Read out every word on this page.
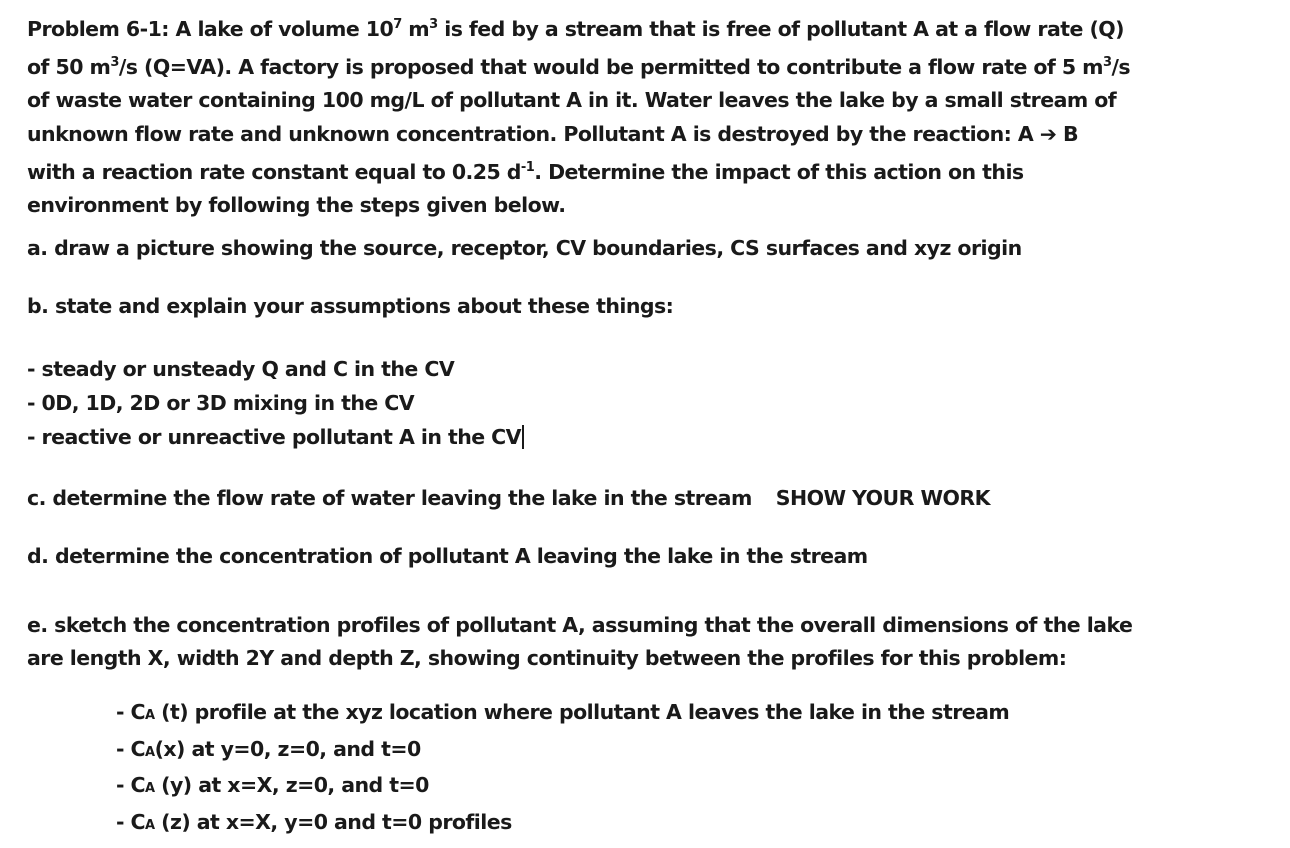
Problem 6-1: A lake of volume $10^7$ $m^3$ is fed by a stream that is free of pollutant A at a flow rate (Q)
of 50 $m^3/s$ (Q=VA). A factory is proposed that would be permitted to contribute a flow rate of 5 $m^3/s$
of waste water containing 100 mg/L of pollutant A in it. Water leaves the lake by a small stream of
unknown flow rate and unknown concentration. Pollutant A is destroyed by the reaction: A ➔ B
with a reaction rate constant equal to 0.25 $d^{-1}$. Determine the impact of this action on this
environment by following the steps given below.

a. draw a picture showing the source, receptor, CV boundaries, CS surfaces and xyz origin

b. state and explain your assumptions about these things:

- steady or unsteady Q and C in the CV
- 0D, 1D, 2D or 3D mixing in the CV
- reactive or unreactive pollutant A in the CV

c. determine the flow rate of water leaving the lake in the stream SHOW YOUR WORK

d. determine the concentration of pollutant A leaving the lake in the stream

e. sketch the concentration profiles of pollutant A, assuming that the overall dimensions of the lake
are length X, width 2Y and depth Z, showing continuity between the profiles for this problem:

- CA (t) profile at the xyz location where pollutant A leaves the lake in the stream
- CA(x) at y=0, z=0, and t=0
- CA (y) at x=X, z=0, and t=0
- CA (z) at x=X, y=0 and t=0 profiles
